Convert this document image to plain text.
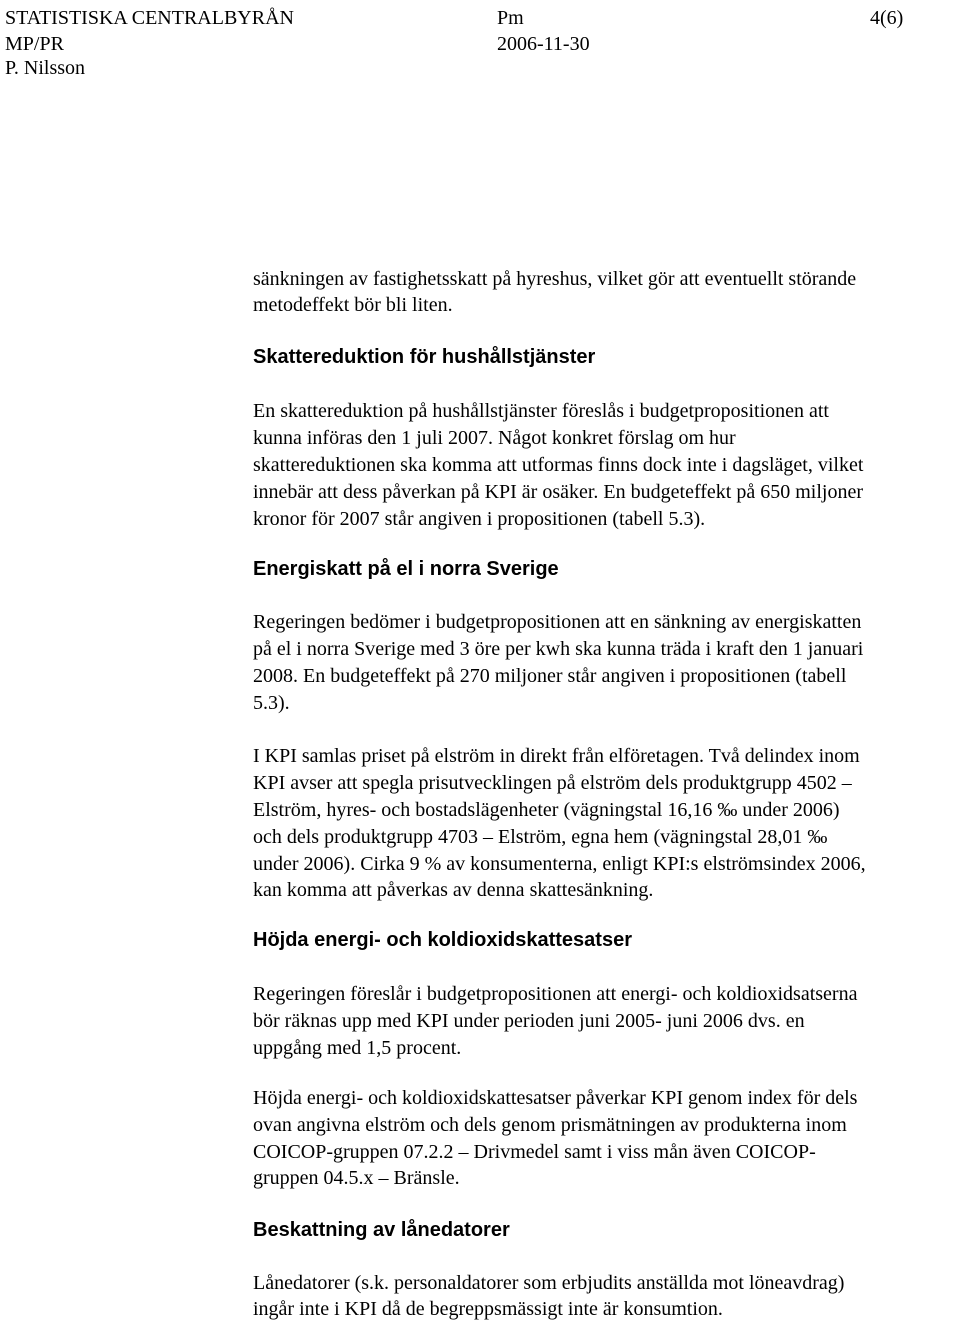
STATISTISKA CENTRALBYRÅN
MP/PR
P. Nilsson
Pm
2006-11-30
4(6)
sänkningen av fastighetsskatt på hyreshus, vilket gör att eventuellt störande
metodeffekt bör bli liten.
Skattereduktion för hushållstjänster
En skattereduktion på hushållstjänster föreslås i budgetpropositionen att
kunna införas den 1 juli 2007. Något konkret förslag om hur
skattereduktionen ska komma att utformas finns dock inte i dagsläget, vilket
innebär att dess påverkan på KPI är osäker. En budgeteffekt på 650 miljoner
kronor för 2007 står angiven i propositionen (tabell 5.3).
Energiskatt på el i norra Sverige
Regeringen bedömer i budgetpropositionen att en sänkning av energiskatten
på el i norra Sverige med 3 öre per kwh ska kunna träda i kraft den 1 januari
2008. En budgeteffekt på 270 miljoner står angiven i propositionen (tabell
5.3).
I KPI samlas priset på elström in direkt från elföretagen. Två delindex inom
KPI avser att spegla prisutvecklingen på elström dels produktgrupp 4502 –
Elström, hyres- och bostadslägenheter (vägningstal 16,16 ‰ under 2006)
och dels produktgrupp 4703 – Elström, egna hem (vägningstal 28,01 ‰
under 2006). Cirka 9 % av konsumenterna, enligt KPI:s elströmsindex 2006,
kan komma att påverkas av denna skattesänkning.
Höjda energi- och koldioxidskattesatser
Regeringen föreslår i budgetpropositionen att energi- och koldioxidsatserna
bör räknas upp med KPI under perioden juni 2005- juni 2006 dvs. en
uppgång med 1,5 procent.
Höjda energi- och koldioxidskattesatser påverkar KPI genom index för dels
ovan angivna elström och dels genom prismätningen av produkterna inom
COICOP-gruppen 07.2.2 – Drivmedel samt i viss mån även COICOP-
gruppen 04.5.x – Bränsle.
Beskattning av lånedatorer
Lånedatorer (s.k. personaldatorer som erbjudits anställda mot löneavdrag)
ingår inte i KPI då de begreppsmässigt inte är konsumtion.
